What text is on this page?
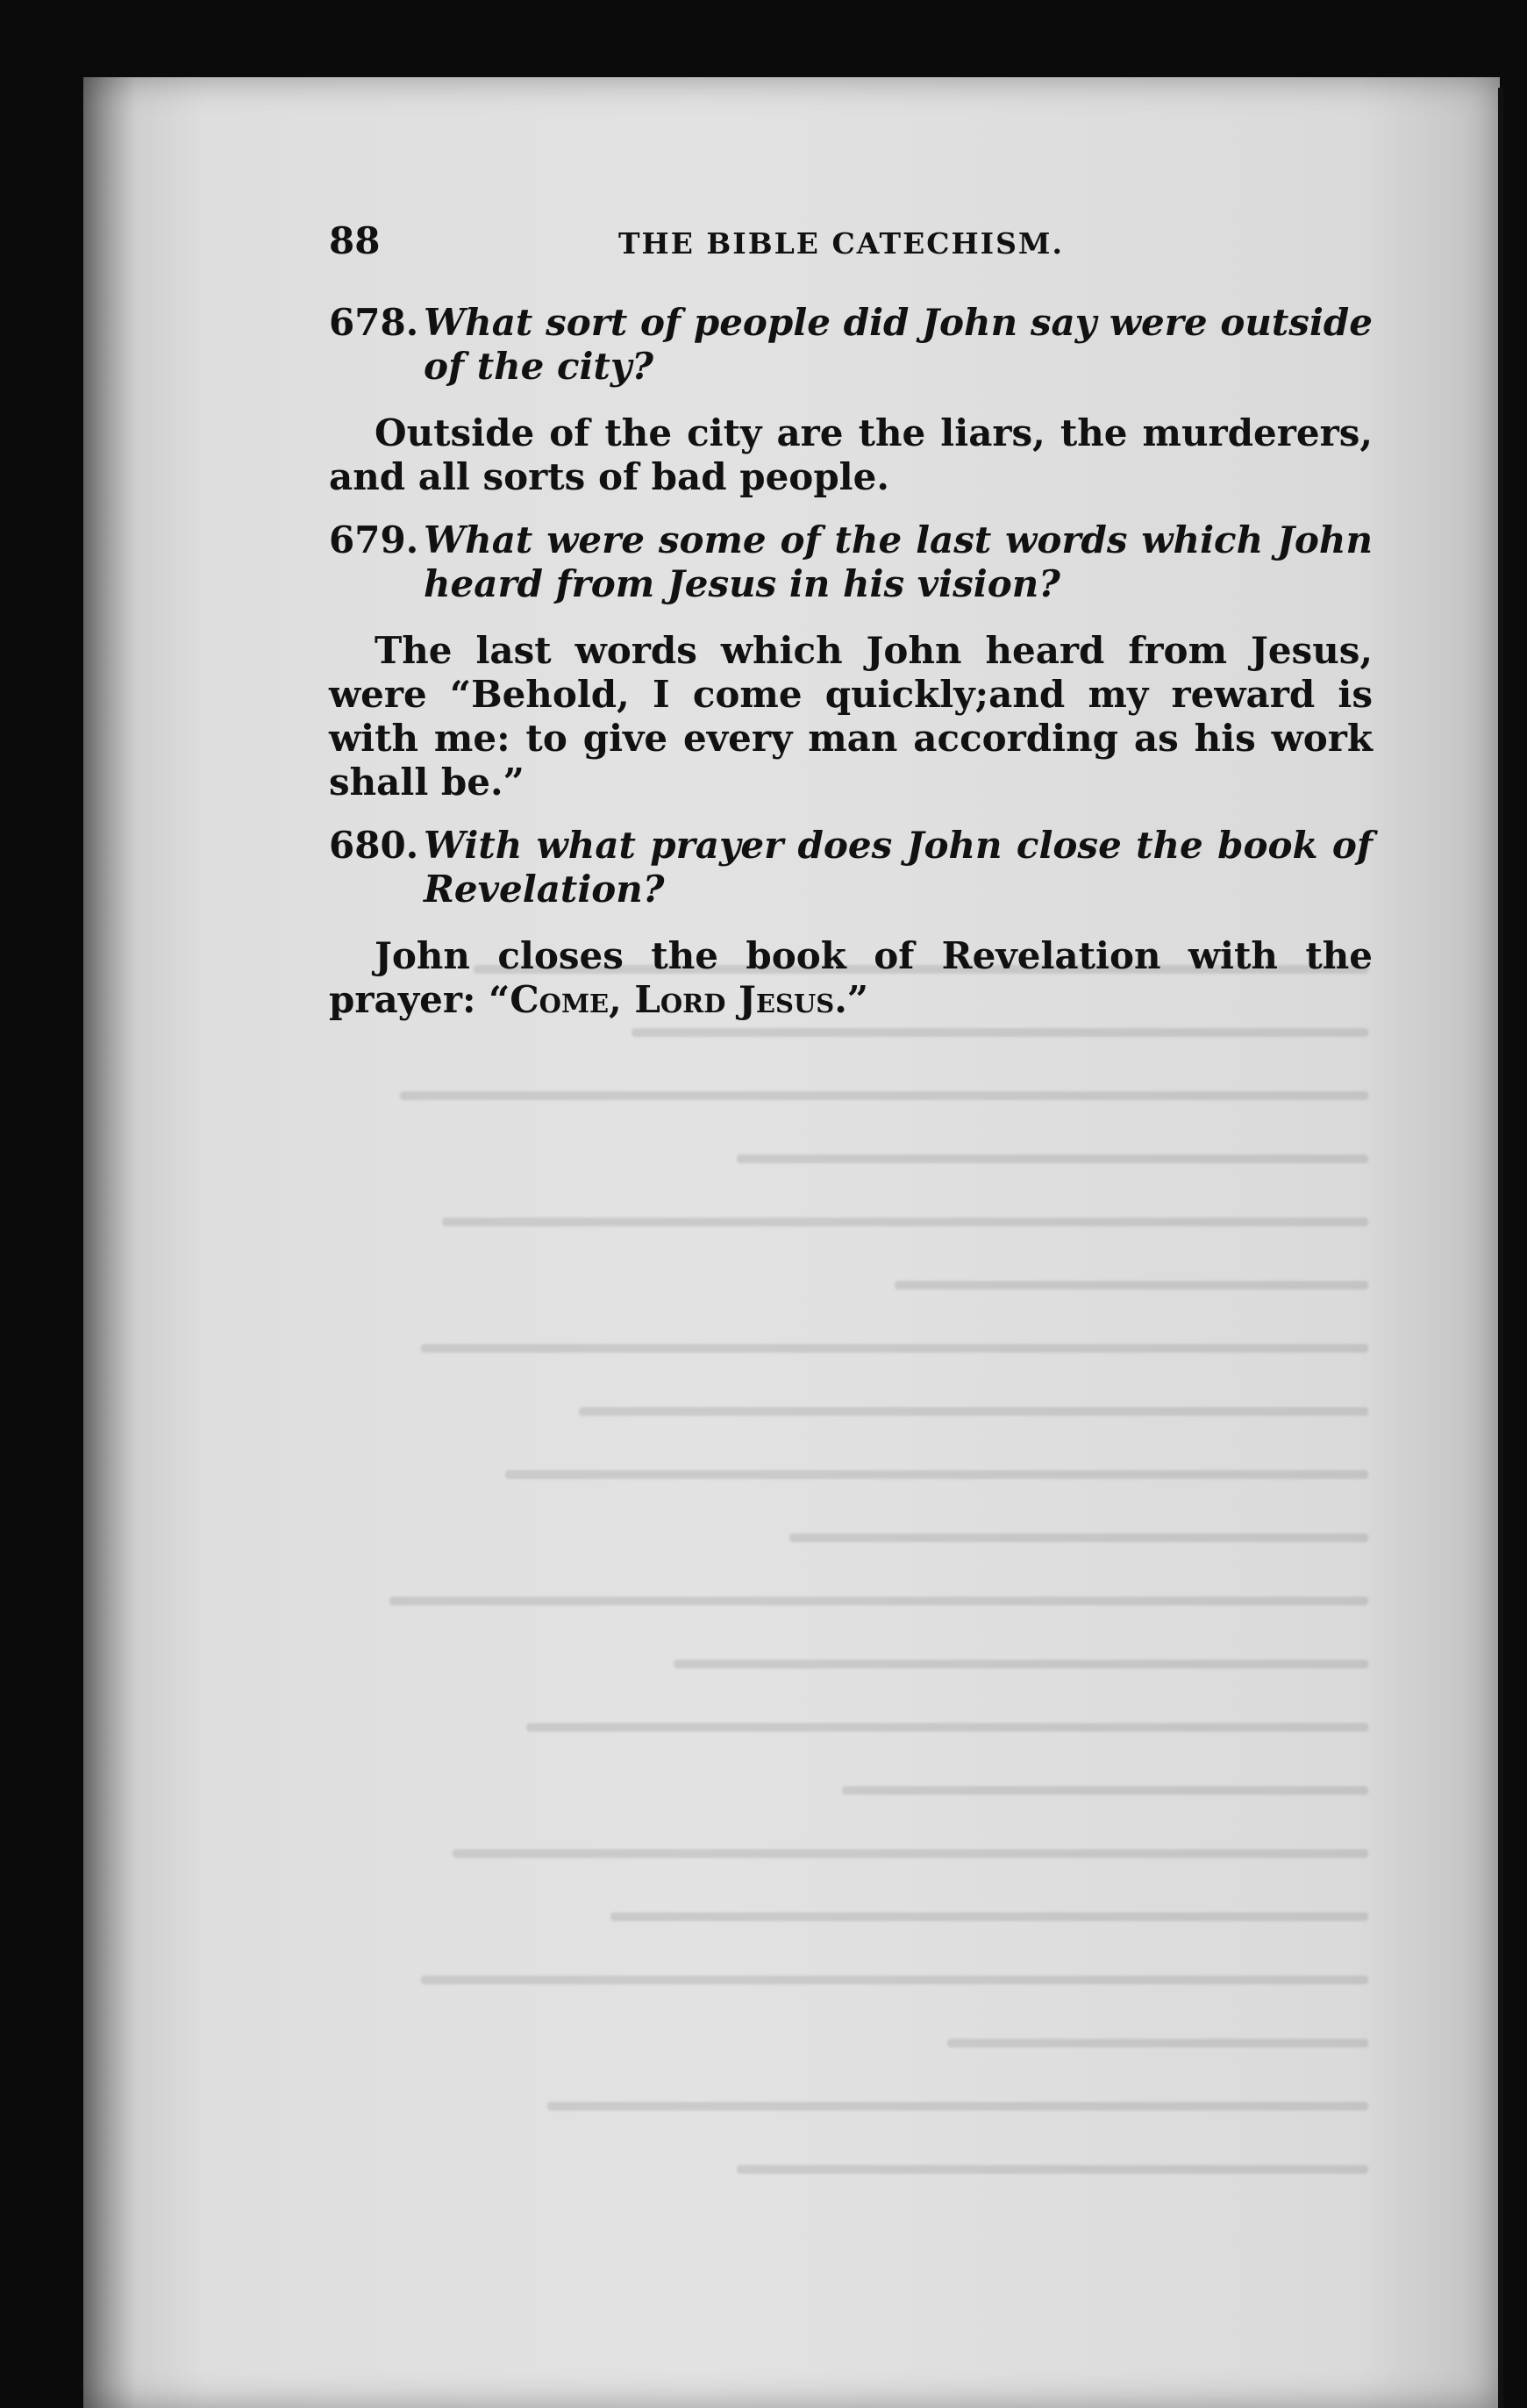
88	THE BIBLE CATECHISM.
678. What sort of people did John say were outside of the city?

Outside of the city are the liars, the murderers, and all sorts of bad people.

679. What were some of the last words which John heard from Jesus in his vision?

The last words which John heard from Jesus, were “Behold, I come quickly;and my reward is with me: to give every man according as his work shall be.”

680. With what prayer does John close the book of Revelation?

John closes the book of Revelation with the prayer: “Come, Lord Jesus.”
